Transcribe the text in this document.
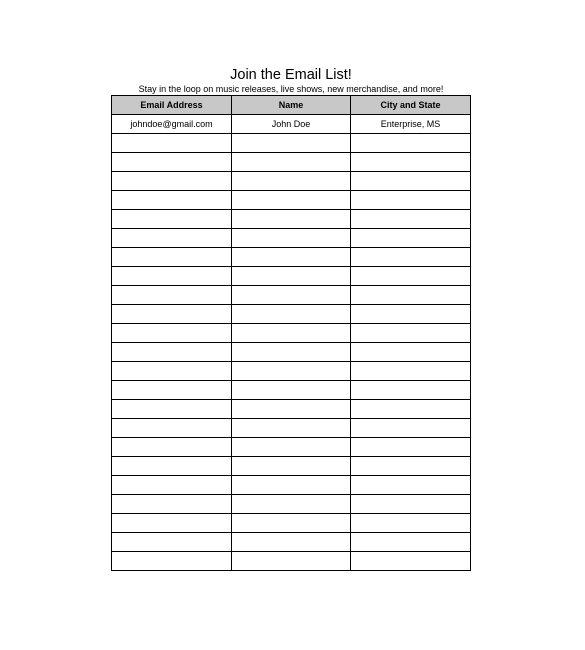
Join the Email List!
Stay in the loop on music releases, live shows, new merchandise, and more!
Email Address	Name	City and State
johndoe@gmail.com	John Doe	Enterprise, MS
